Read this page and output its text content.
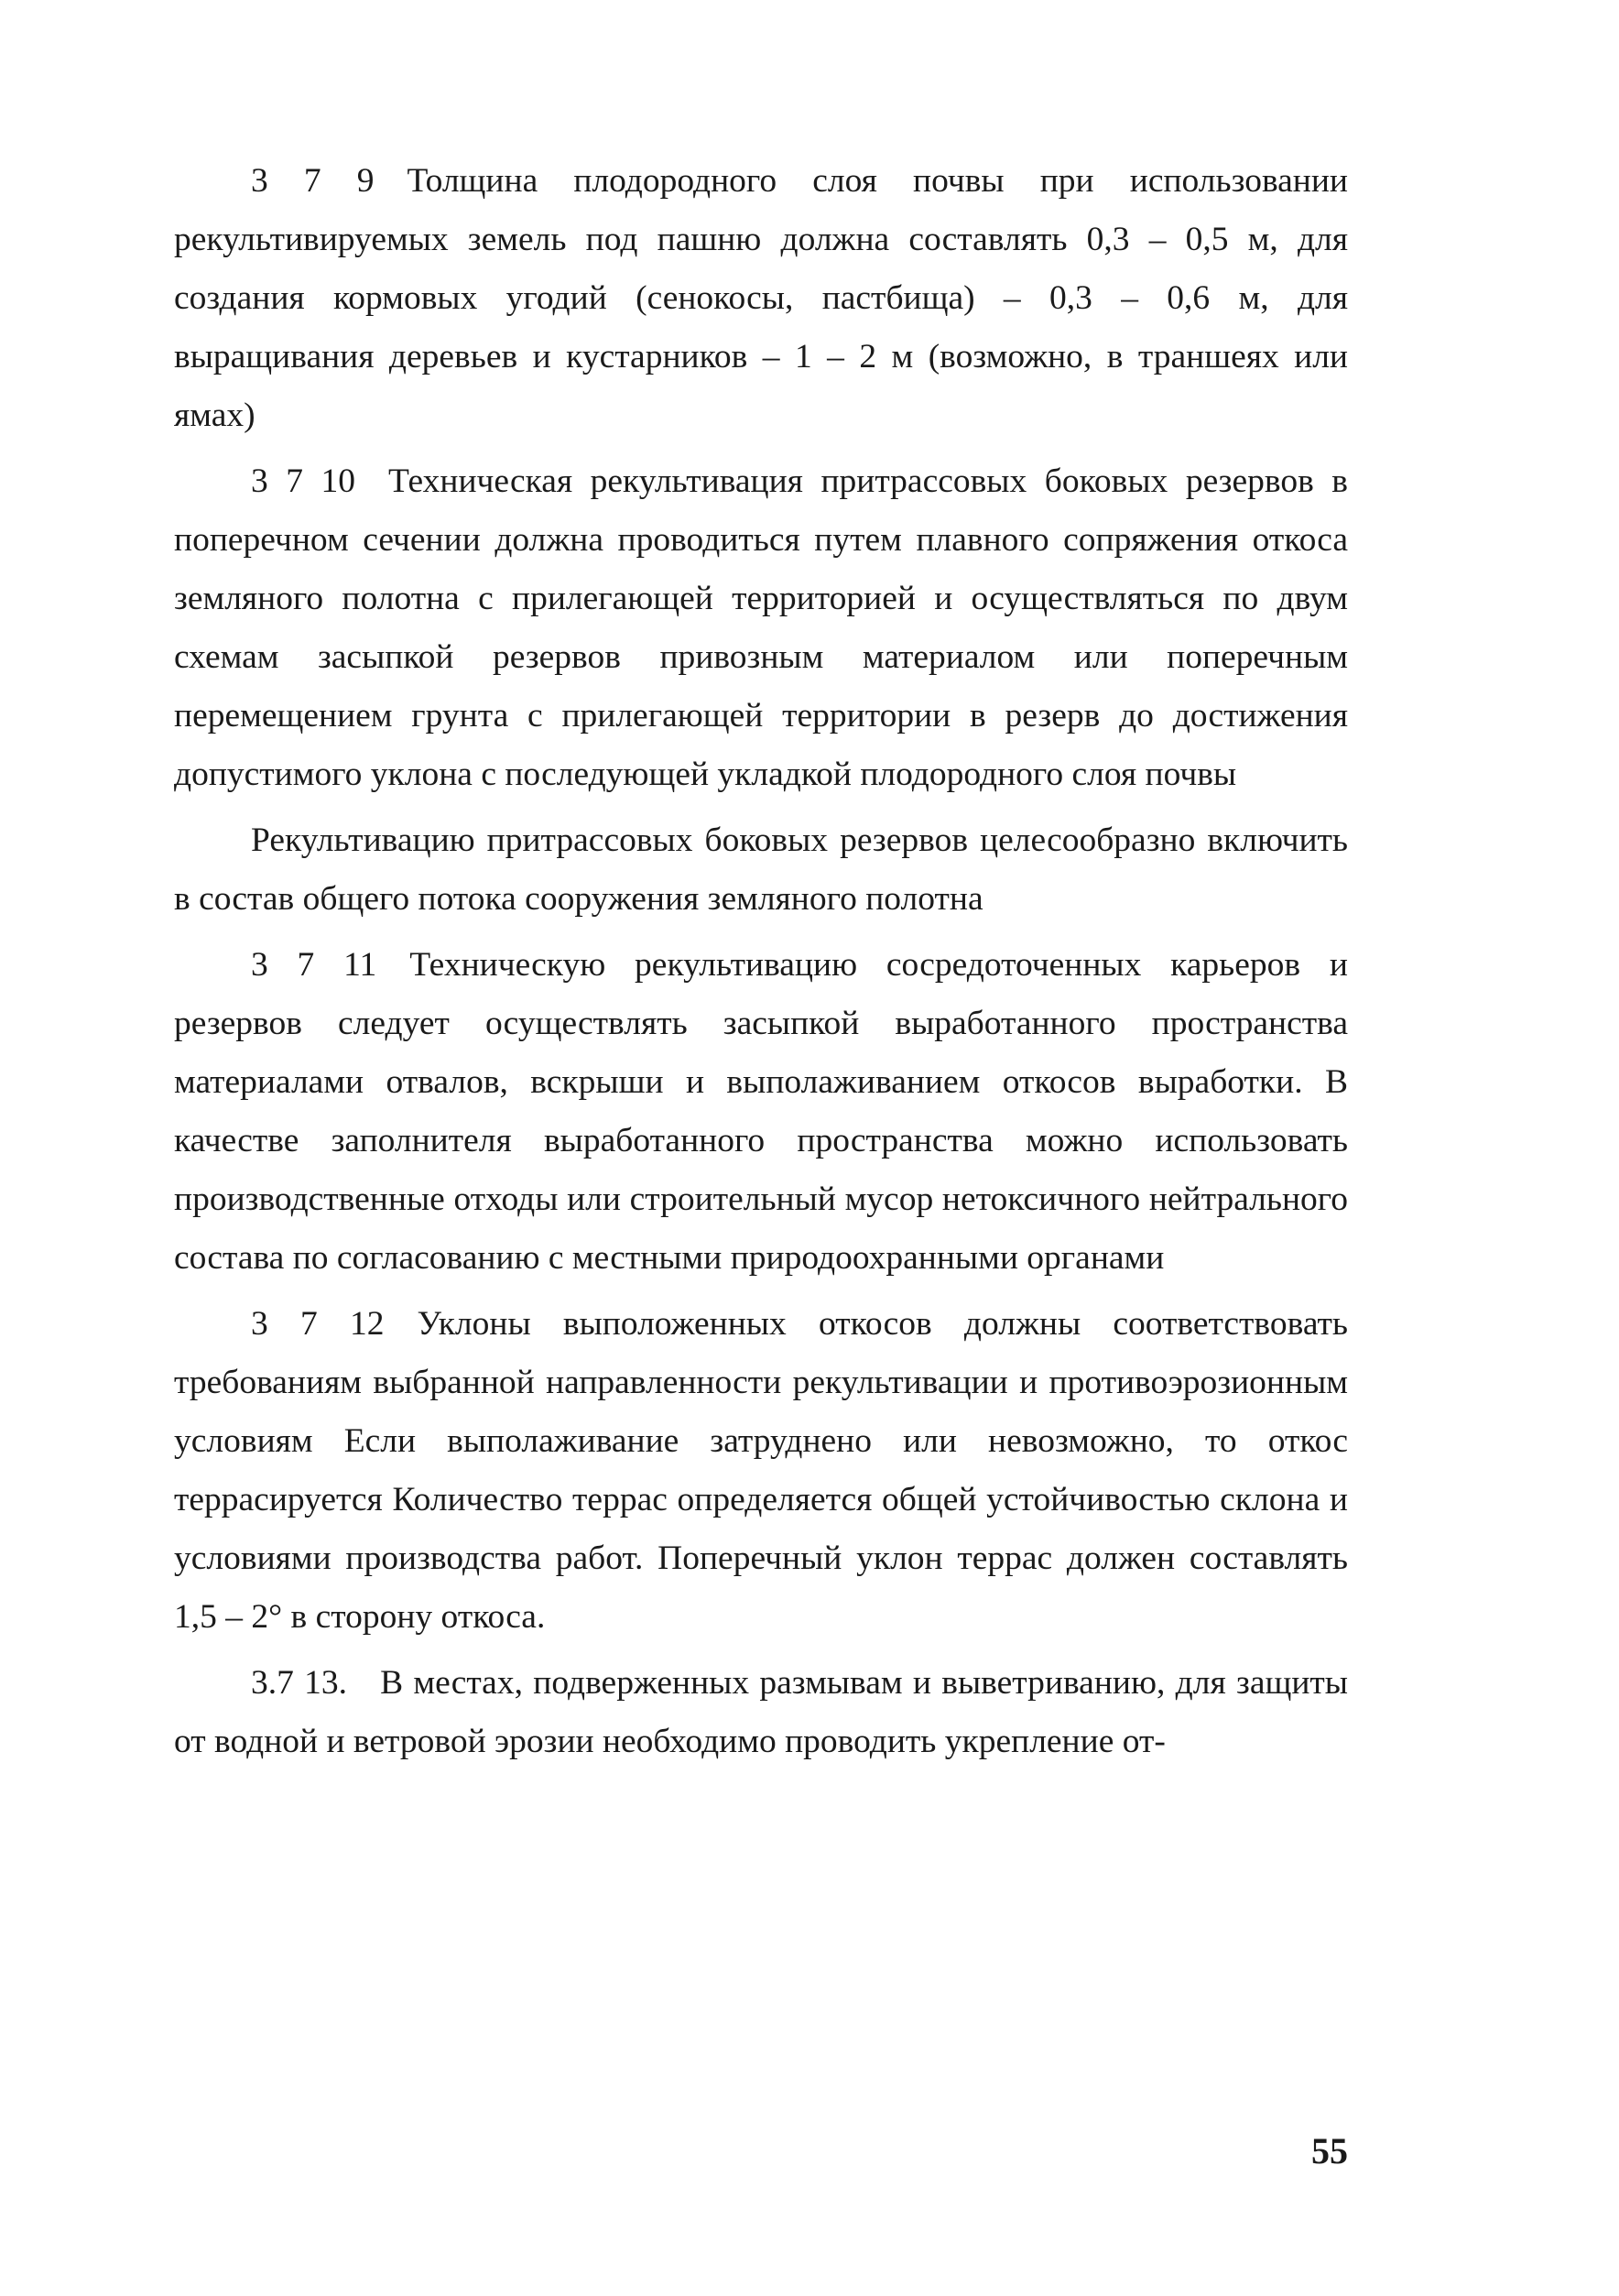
3 7 9 Толщина плодородного слоя почвы при использовании рекультивируемых земель под пашню должна составлять 0,3 – 0,5 м, для создания кормовых угодий (сенокосы, пастбища) – 0,3 – 0,6 м, для выращивания деревьев и кустарников – 1 – 2 м (возможно, в траншеях или ямах)

3 7 10 Техническая рекультивация притрассовых боковых резервов в поперечном сечении должна проводиться путем плавного сопряжения откоса земляного полотна с прилегающей территорией и осуществляться по двум схемам засыпкой резервов привозным материалом или поперечным перемещением грунта с прилегающей территории в резерв до достижения допустимого уклона с последующей укладкой плодородного слоя почвы

Рекультивацию притрассовых боковых резервов целесообразно включить в состав общего потока сооружения земляного полотна

3 7 11 Техническую рекультивацию сосредоточенных карьеров и резервов следует осуществлять засыпкой выработанного пространства материалами отвалов, вскрыши и выполаживанием откосов выработки. В качестве заполнителя выработанного пространства можно использовать производственные отходы или строительный мусор нетоксичного нейтрального состава по согласованию с местными природоохранными органами

3 7 12 Уклоны выположенных откосов должны соответствовать требованиям выбранной направленности рекультивации и противоэрозионным условиям Если выполаживание затруднено или невозможно, то откос террасируется Количество террас определяется общей устойчивостью склона и условиями производства работ. Поперечный уклон террас должен составлять 1,5 – 2° в сторону откоса.

3.7 13. В местах, подверженных размывам и выветриванию, для защиты от водной и ветровой эрозии необходимо проводить укрепление от-

55
